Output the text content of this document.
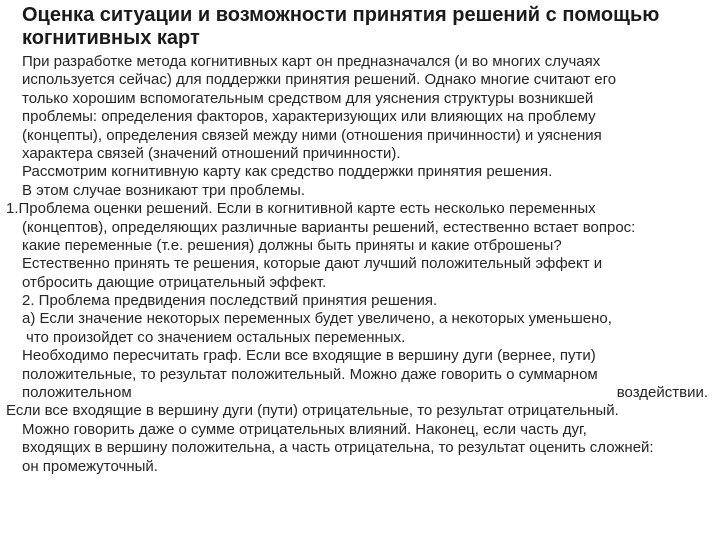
Оценка ситуации и возможности принятия решений с помощью когнитивных карт
При разработке метода когнитивных карт он предназначался (и во многих случаях
используется сейчас) для поддержки принятия решений. Однако многие считают его
только хорошим вспомогательным средством для уяснения структуры возникшей
проблемы: определения факторов, характеризующих или влияющих на проблему
(концепты), определения связей между ними (отношения причинности) и уяснения
характера связей (значений отношений причинности).
Рассмотрим когнитивную карту как средство поддержки принятия решения.
В этом случае возникают три проблемы.
1.Проблема оценки решений. Если в когнитивной карте есть несколько переменных
(концептов), определяющих различные варианты решений, естественно встает вопрос:
какие переменные (т.е. решения) должны быть приняты и какие отброшены?
Естественно принять те решения, которые дают лучший положительный эффект и
отбросить дающие отрицательный эффект.
2. Проблема предвидения последствий принятия решения.
а) Если значение некоторых переменных будет увеличено, а некоторых уменьшено,
что произойдет со значением остальных переменных.
Необходимо пересчитать граф. Если все входящие в вершину дуги (вернее, пути)
положительные, то результат положительный. Можно даже говорить о суммарном
положительном	воздействии.
Если все входящие в вершину дуги (пути) отрицательные, то результат отрицательный.
Можно говорить даже о сумме отрицательных влияний. Наконец, если часть дуг,
входящих в вершину положительна, а часть отрицательна, то результат оценить сложней:
он промежуточный.
